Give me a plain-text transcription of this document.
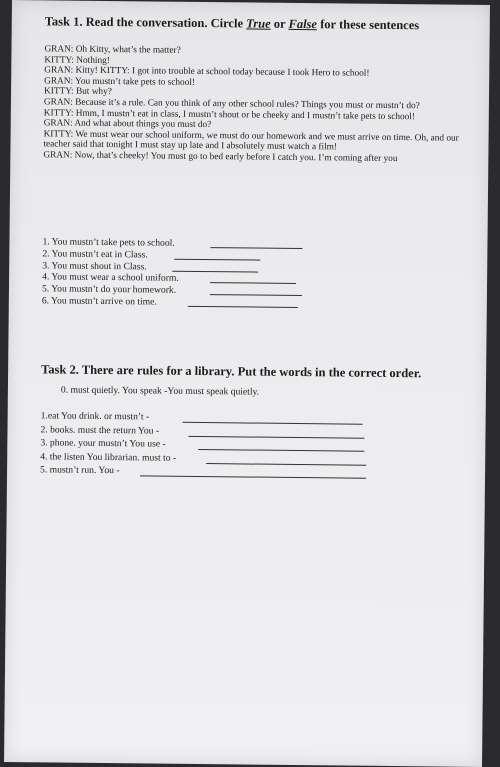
Task 1. Read the conversation. Circle True or False for these sentences
GRAN: Oh Kitty, what’s the matter?
KITTY: Nothing!
GRAN: Kitty! KITTY: I got into trouble at school today because I took Hero to school!
GRAN: You mustn’t take pets to school!
KITTY: But why?
GRAN: Because it’s a rule. Can you think of any other school rules? Things you must or mustn’t do?
KITTY: Hmm, I mustn’t eat in class, I mustn’t shout or be cheeky and I mustn’t take pets to school!
GRAN: And what about things you must do?
KITTY: We must wear our school uniform, we must do our homework and we must arrive on time. Oh, and our teacher said that tonight I must stay up late and I absolutely must watch a film!
GRAN: Now, that’s cheeky! You must go to bed early before I catch you. I’m coming after you
1. You mustn’t take pets to school.
2. You mustn’t eat in Class.
3. You must shout in Class.
4. You must wear a school uniform.
5. You mustn’t do your homework.
6. You mustn’t arrive on time.
Task 2. There are rules for a library. Put the words in the correct order.
0. must quietly. You speak -You must speak quietly.
1.eat You drink. or mustn’t -
2. books. must the return You -
3. phone. your mustn’t You use -
4. the listen You librarian. must to -
5. mustn’t run. You -
